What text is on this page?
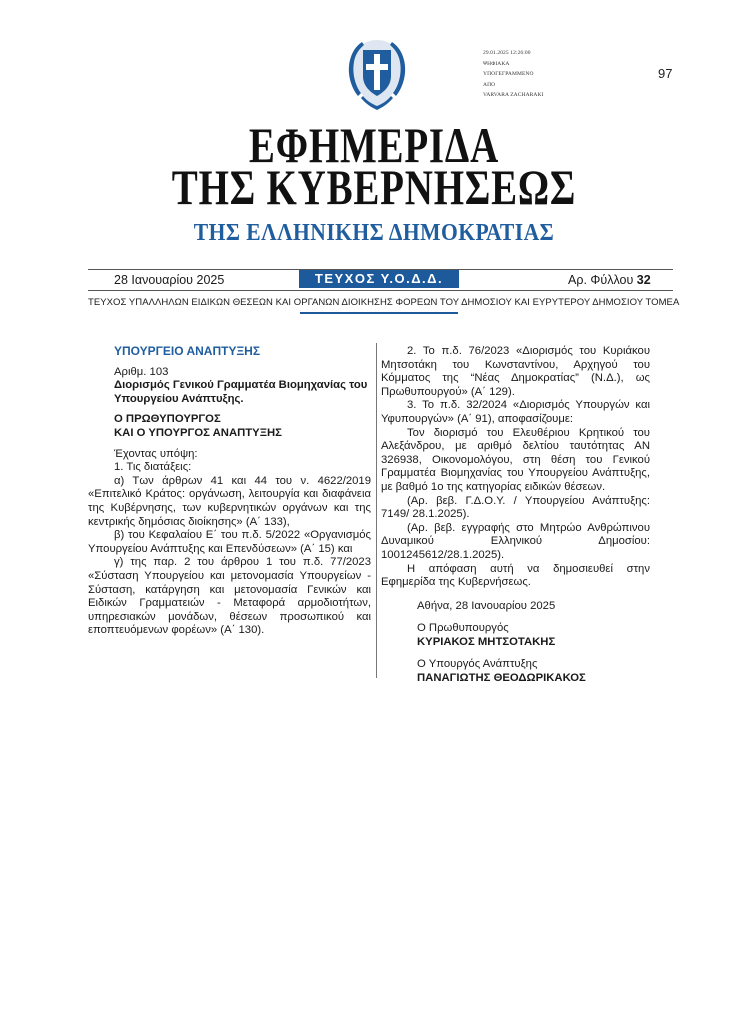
29.01.2025 12:26:00
ΨΗΦΙΑΚΑ
ΥΠΟΓΕΓΡΑΜΜΕΝΟ
ΑΠΟ
VARVARA ZACHARAKI
97
ΕΦΗΜΕΡΙΔΑ
ΤΗΣ ΚΥΒΕΡΝΗΣΕΩΣ
ΤΗΣ ΕΛΛΗΝΙΚΗΣ ΔΗΜΟΚΡΑΤΙΑΣ
28 Ιανουαρίου 2025	ΤΕΥΧΟΣ Υ.Ο.Δ.Δ.	Αρ. Φύλλου 32
ΤΕΥΧΟΣ ΥΠΑΛΛΗΛΩΝ ΕΙΔΙΚΩΝ ΘΕΣΕΩΝ ΚΑΙ ΟΡΓΑΝΩΝ ΔΙΟΙΚΗΣΗΣ ΦΟΡΕΩΝ ΤΟΥ ΔΗΜΟΣΙΟΥ ΚΑΙ ΕΥΡΥΤΕΡΟΥ ΔΗΜΟΣΙΟΥ ΤΟΜΕΑ

ΥΠΟΥΡΓΕΙΟ ΑΝΑΠΤΥΞΗΣ

Αριθμ. 103

Διορισμός Γενικού Γραμματέα Βιομηχανίας του Υπουργείου Ανάπτυξης.

Ο ΠΡΩΘΥΠΟΥΡΓΟΣ

ΚΑΙ Ο ΥΠΟΥΡΓΟΣ ΑΝΑΠΤΥΞΗΣ

Έχοντας υπόψη:

1. Τις διατάξεις:

α) Των άρθρων 41 και 44 του ν. 4622/2019 «Επιτελικό Κράτος: οργάνωση, λειτουργία και διαφάνεια της Κυβέρνησης, των κυβερνητικών οργάνων και της κεντρικής δημόσιας διοίκησης» (Α΄ 133),

β) του Κεφαλαίου Ε΄ του π.δ. 5/2022 «Οργανισμός Υπουργείου Ανάπτυξης και Επενδύσεων» (Α΄ 15) και

γ) της παρ. 2 του άρθρου 1 του π.δ. 77/2023 «Σύσταση Υπουργείου και μετονομασία Υπουργείων - Σύσταση, κατάργηση και μετονομασία Γενικών και Ειδικών Γραμματειών - Μεταφορά αρμοδιοτήτων, υπηρεσιακών μονάδων, θέσεων προσωπικού και εποπτευόμενων φορέων» (Α΄ 130).

2. Το π.δ. 76/2023 «Διορισμός του Κυριάκου Μητσοτάκη του Κωνσταντίνου, Αρχηγού του Κόμματος της “Νέας Δημοκρατίας” (Ν.Δ.), ως Πρωθυπουργού» (Α΄ 129).

3. Το π.δ. 32/2024 «Διορισμός Υπουργών και Υφυπουργών» (Α΄ 91), αποφασίζουμε:

Τον διορισμό του Ελευθέριου Κρητικού του Αλεξάνδρου, με αριθμό δελτίου ταυτότητας ΑΝ 326938, Οικονομολόγου, στη θέση του Γενικού Γραμματέα Βιομηχανίας του Υπουργείου Ανάπτυξης, με βαθμό 1ο της κατηγορίας ειδικών θέσεων.

(Αρ. βεβ. Γ.Δ.Ο.Υ. / Υπουργείου Ανάπτυξης: 7149/ 28.1.2025).

(Αρ. βεβ. εγγραφής στο Μητρώο Ανθρώπινου Δυναμικού Ελληνικού Δημοσίου: 1001245612/28.1.2025).

Η απόφαση αυτή να δημοσιευθεί στην Εφημερίδα της Κυβερνήσεως.

Αθήνα, 28 Ιανουαρίου 2025

Ο Πρωθυπουργός

ΚΥΡΙΑΚΟΣ ΜΗΤΣΟΤΑΚΗΣ

Ο Υπουργός Ανάπτυξης

ΠΑΝΑΓΙΩΤΗΣ ΘΕΟΔΩΡΙΚΑΚΟΣ
